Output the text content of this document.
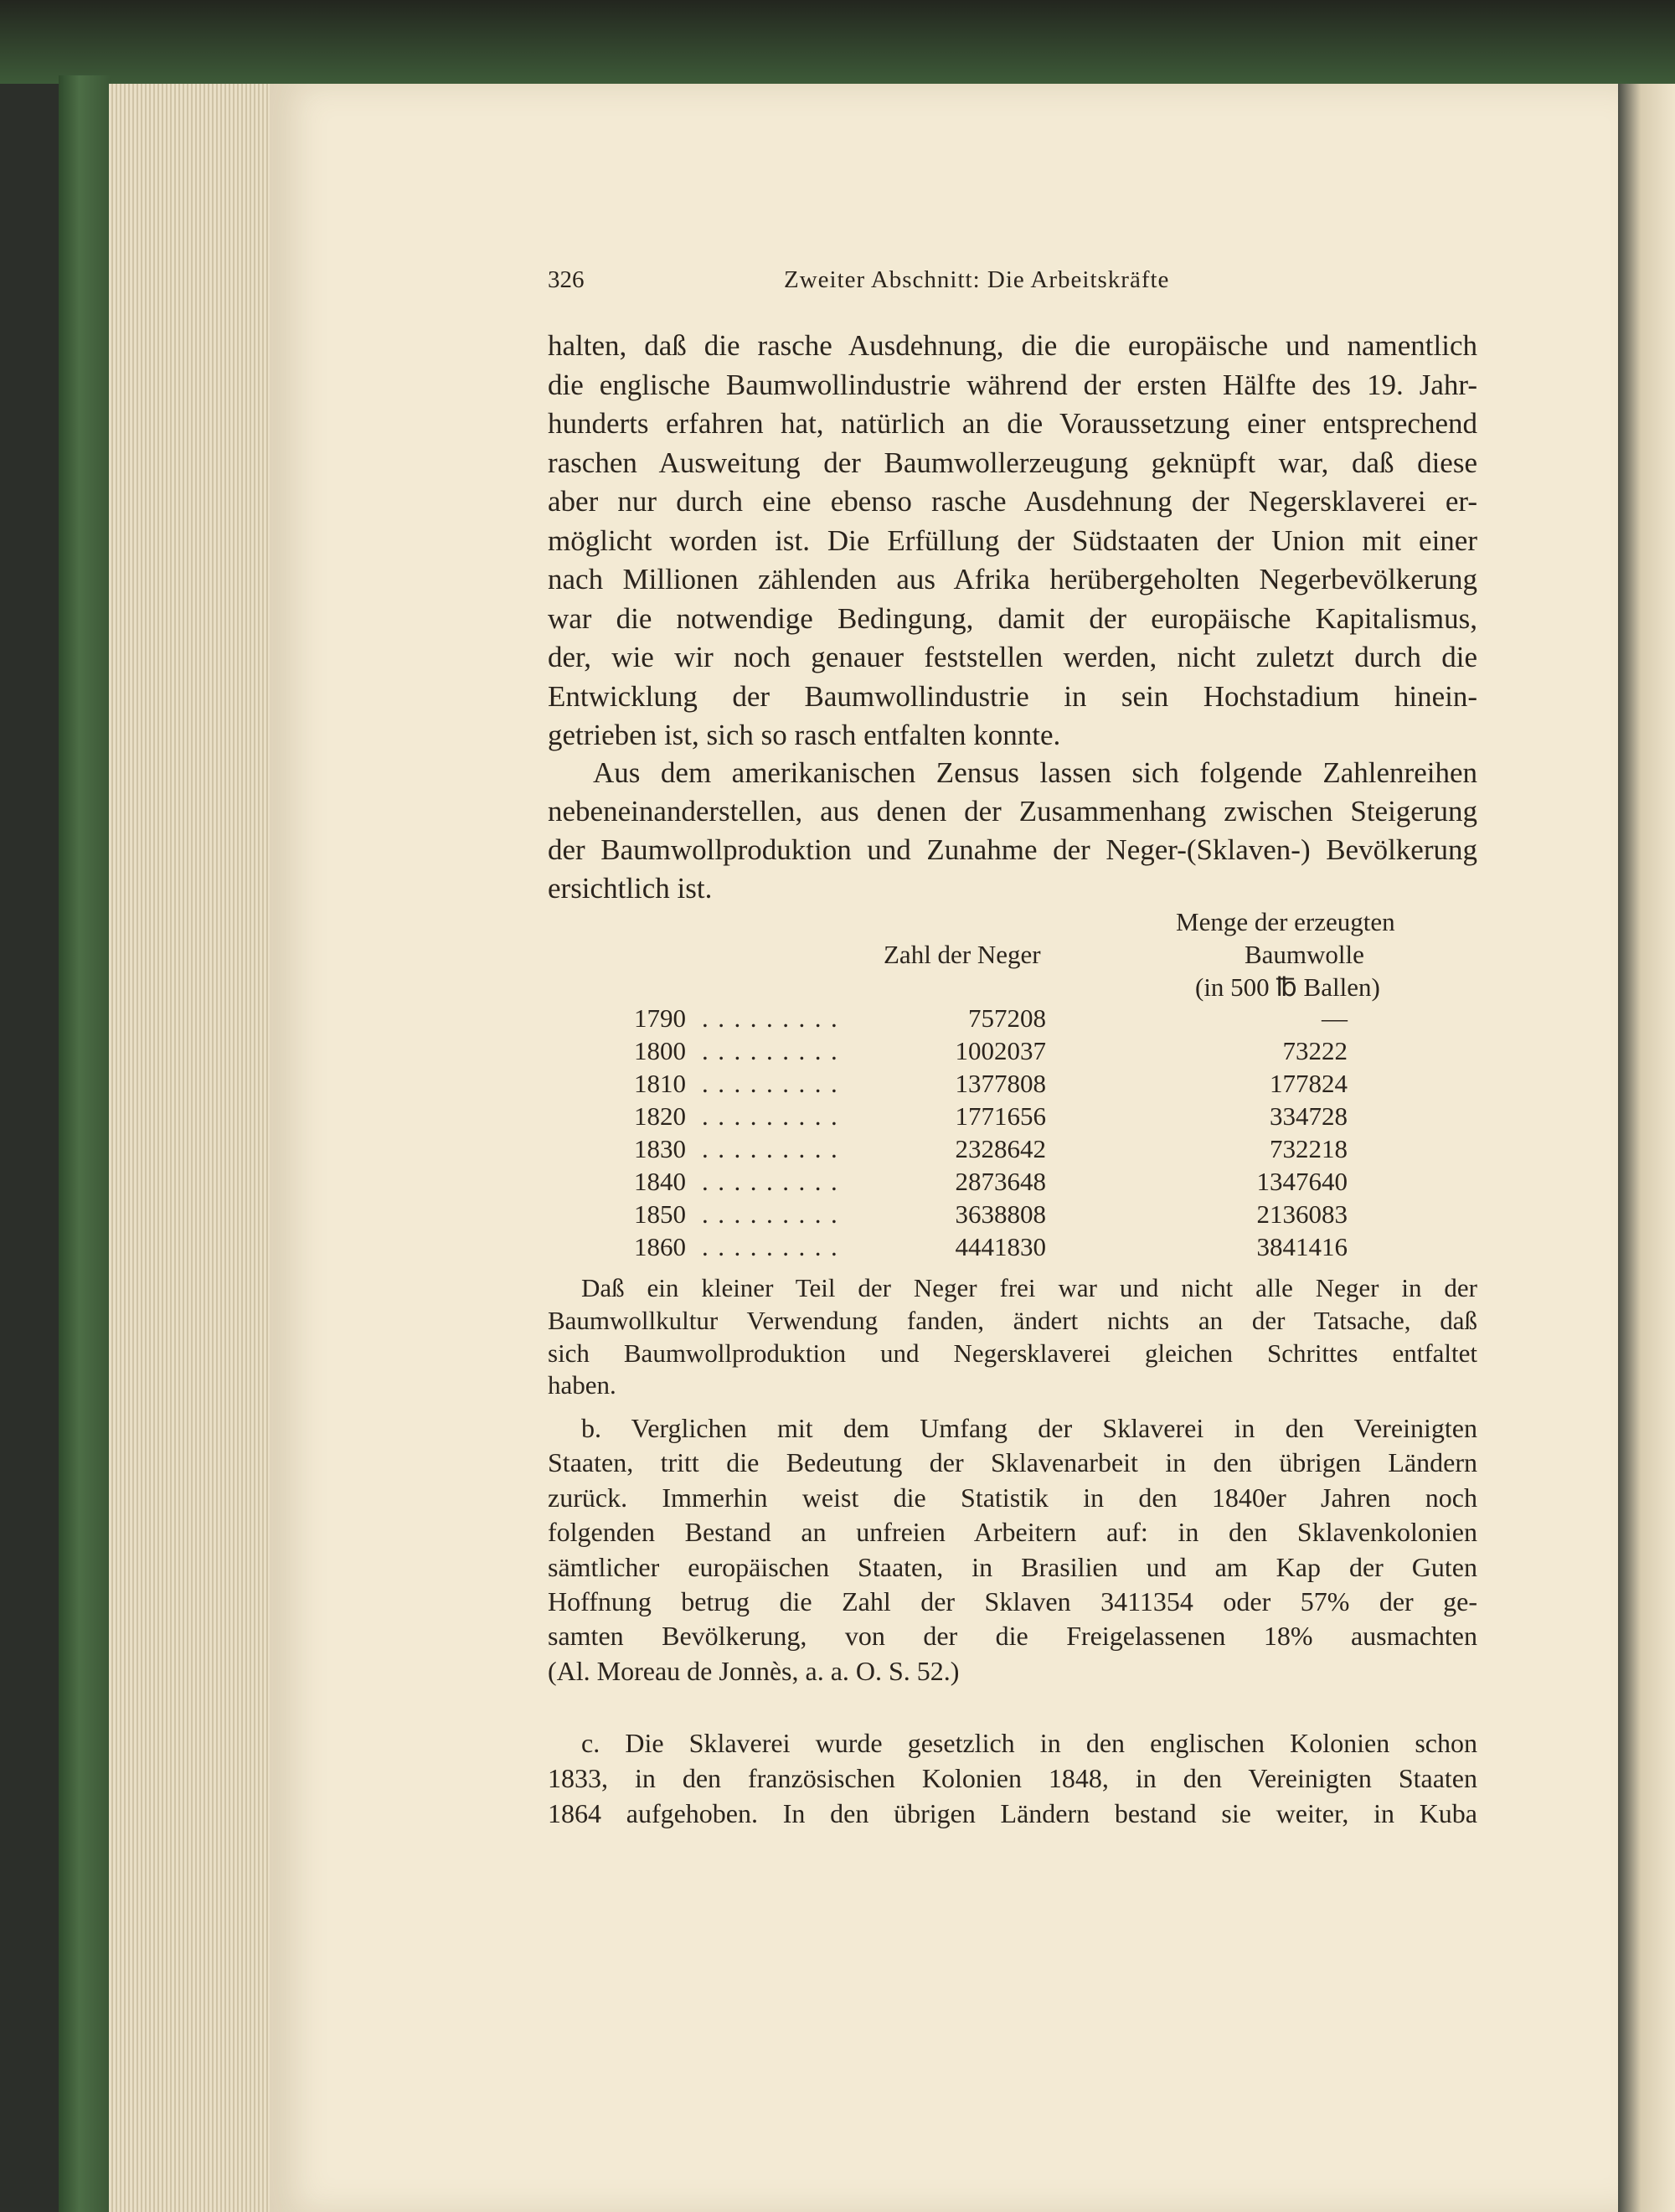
326	Zweiter Abschnitt: Die Arbeitskräfte
halten, daß die rasche Ausdehnung, die die europäische und namentlich
die englische Baumwollindustrie während der ersten Hälfte des 19. Jahr-
hunderts erfahren hat, natürlich an die Voraussetzung einer entsprechend
raschen Ausweitung der Baumwollerzeugung geknüpft war, daß diese
aber nur durch eine ebenso rasche Ausdehnung der Negersklaverei er-
möglicht worden ist. Die Erfüllung der Südstaaten der Union mit einer
nach Millionen zählenden aus Afrika herübergeholten Negerbevölkerung
war die notwendige Bedingung, damit der europäische Kapitalismus,
der, wie wir noch genauer feststellen werden, nicht zuletzt durch die
Entwicklung der Baumwollindustrie in sein Hochstadium hinein-
getrieben ist, sich so rasch entfalten konnte.
Aus dem amerikanischen Zensus lassen sich folgende Zahlenreihen
nebeneinanderstellen, aus denen der Zusammenhang zwischen Steigerung
der Baumwollproduktion und Zunahme der Neger-(Sklaven-) Bevölkerung
ersichtlich ist.
Menge der erzeugten
Zahl der Neger	Baumwolle
(in 500 ℔ Ballen)
1790 .........	757208	—
1800 .........	1002037	73222
1810 .........	1377808	177824
1820 .........	1771656	334728
1830 .........	2328642	732218
1840 .........	2873648	1347640
1850 .........	3638808	2136083
1860 .........	4441830	3841416
Daß ein kleiner Teil der Neger frei war und nicht alle Neger in der
Baumwollkultur Verwendung fanden, ändert nichts an der Tatsache, daß
sich Baumwollproduktion und Negersklaverei gleichen Schrittes entfaltet
haben.
b. Verglichen mit dem Umfang der Sklaverei in den Vereinigten
Staaten, tritt die Bedeutung der Sklavenarbeit in den übrigen Ländern
zurück. Immerhin weist die Statistik in den 1840er Jahren noch
folgenden Bestand an unfreien Arbeitern auf: in den Sklavenkolonien
sämtlicher europäischen Staaten, in Brasilien und am Kap der Guten
Hoffnung betrug die Zahl der Sklaven 3411354 oder 57% der ge-
samten Bevölkerung, von der die Freigelassenen 18% ausmachten
(Al. Moreau de Jonnès, a. a. O. S. 52.)
c. Die Sklaverei wurde gesetzlich in den englischen Kolonien schon
1833, in den französischen Kolonien 1848, in den Vereinigten Staaten
1864 aufgehoben. In den übrigen Ländern bestand sie weiter, in Kuba
